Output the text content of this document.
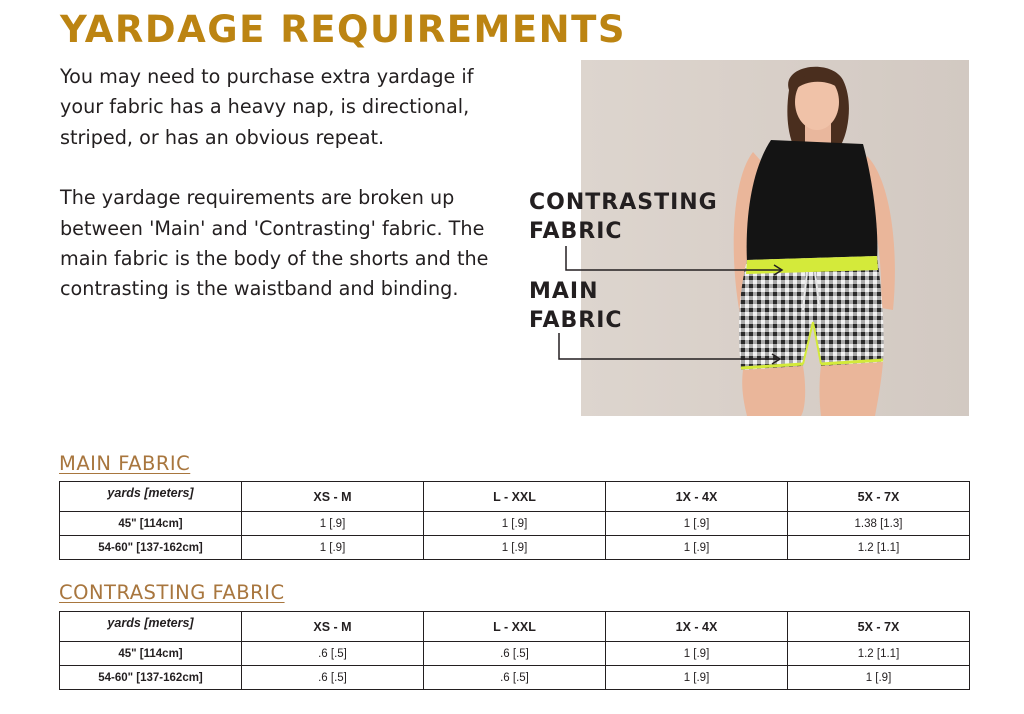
YARDAGE REQUIREMENTS

You may need to purchase extra yardage if your fabric has a heavy nap, is directional, striped, or has an obvious repeat.

The yardage requirements are broken up between 'Main' and 'Contrasting' fabric. The main fabric is the body of the shorts and the contrasting is the waistband and binding.

CONTRASTING
FABRIC
MAIN
FABRIC
MAIN FABRIC
yards [meters]	XS - M	L - XXL	1X - 4X	5X - 7X
45" [114cm]	1 [.9]	1 [.9]	1 [.9]	1.38 [1.3]
54-60" [137-162cm]	1 [.9]	1 [.9]	1 [.9]	1.2 [1.1]
CONTRASTING FABRIC
yards [meters]	XS - M	L - XXL	1X - 4X	5X - 7X
45" [114cm]	.6 [.5]	.6 [.5]	1 [.9]	1.2 [1.1]
54-60" [137-162cm]	.6 [.5]	.6 [.5]	1 [.9]	1 [.9]
